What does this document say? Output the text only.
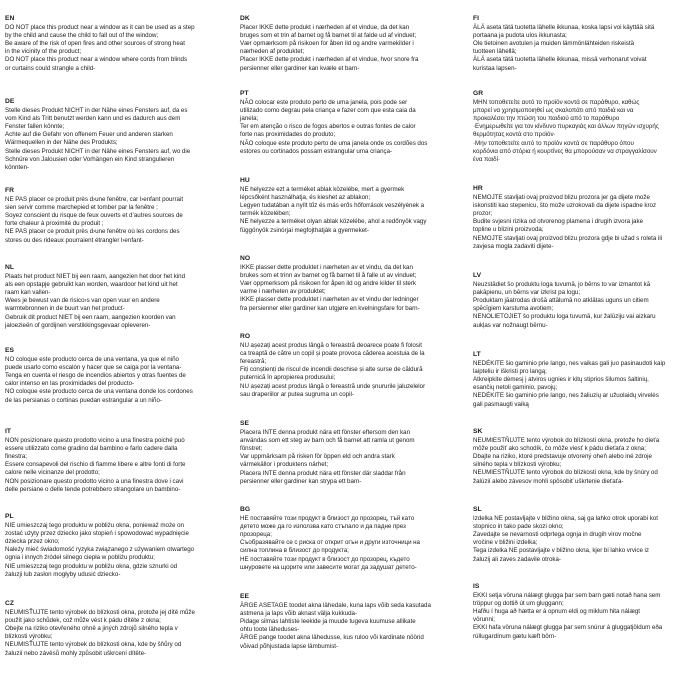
EN
DO NOT place this product near a window as it can be used as a step
by the child and cause the child to fall out of the window;
Be aware of the risk of open fires and other sources of strong heat
in the vicinity of the product;
DO NOT place this product near a window where cords from blinds
or curtains could strangle a child-
DE
Stelle dieses Produkt NICHT in der Nähe eines Fensters auf, da es
vom Kind als Tritt benutzt werden kann und es dadurch aus dem
Fenster fallen könnte;
Achte auf die Gefahr von offenem Feuer und anderen starken
Wärmequellen in der Nähe des Produkts;
Stelle dieses Produkt NICHT in der Nähe eines Fensters auf, wo die
Schnüre von Jalousien oder Vorhängen ein Kind strangulieren
könnten-
FR
NE PAS placer ce produit près d›une fenêtre, car l›enfant pourrait
sien servir comme marchepied et tomber par la fenêtre ;
Soyez conscient du risque de feux ouverts et d’autres sources de
forte chaleur à proximité du produit ;
NE PAS placer ce produit près d›une fenêtre où les cordons des
stores ou des rideaux pourraient étrangler l›enfant-
NL
Plaats het product NIET bij een raam, aangezien het door het kind
als een opstapje gebruikt kan worden, waardoor het kind uit het
raam kan vallen-
Wees je bewust van de risico›s van open vuur en andere
warmtebronnen in de buurt van het product-
Gebruik dit product NIET bij een raam, aangezien koorden van
jaloezieën of gordijnen verstikkingsgevaar opleveren-
ES
NO coloque este producto cerca de una ventana, ya que el niño
puede usarlo como escalón y hacer que se caiga por la ventana-
Tenga en cuenta el riesgo de incendios abiertos y otras fuentes de
calor intenso en las proximidades del producto-
NO coloque este producto cerca de una ventana donde los cordones
de las persianas o cortinas puedan estrangular a un niño-
IT
NON posizionare questo prodotto vicino a una finestra poiché può
essere utilizzato come gradino dal bambino e farlo cadere dalla
finestra;
Essere consapevoli del rischio di fiamme libere e altre fonti di forte
calore nelle vicinanze del prodotto;
NON posizionare questo prodotto vicino a una finestra dove i cavi
delle persiane o delle tende potrebbero strangolare un bambino-
PL
NIE umieszczaj tego produktu w pobliżu okna, ponieważ może on
zostać użyty przez dziecko jako stopień i spowodować wypadnięcie
dziecka przez okno;
Należy mieć świadomość ryzyka związanego z używaniem otwartego
ognia i innych źródeł silnego ciepła w pobliżu produktu;
NIE umieszczaj tego produktu w pobliżu okna, gdzie sznurki od
żaluzji lub zasłon mogłyby udusić dziecko-
CZ
NEUMISŤUJTE tento výrobek do blízkosti okna, protože jej dítě může
použít jako schůdek, což může vést k pádu dítěte z okna;
Obejte na riziko otevřeného ohně a jiných zdrojů silného tepla v
blízkosti výrobku;
NEUMISŤUJTE tento výrobek do blízkosti okna, kde by šňůry od
žaluzií nebo závěsů mohly způsobit uškrcení dítěte-
DK
Placer IKKE dette produkt i nærheden af et vindue, da det kan
bruges som et trin af barnet og få barnet til at falde ud af vinduet;
Vær opmærksom på risikoen for åben ild og andre varmekilder i
nærheden af produktet;
Placer IKKE dette produkt i nærheden af et vindue, hvor snore fra
persienner eller gardiner kan kvæle et barn-
PT
NÃO colocar este produto perto de uma janela, pois pode ser
utilizado como degrau pela criança e fazer com que esta caia da
janela;
Ter em atenção o risco de fogos abertos e outras fontes de calor
forte nas proximidades do produto;
NÃO coloque este produto perto de uma janela onde os cordões dos
estores ou cortinados possam estrangular uma criança-
HU
NE helyezze ezt a terméket ablak közelébe, mert a gyermek
lépcsőként használhatja, és kieshet az ablakon;
Legyen tudatában a nyílt tűz és más erős hőforrások veszélyének a
termék közelében;
NE helyezze a terméket olyan ablak közelébe, ahol a redőnyök vagy
függönyök zsinórjai megfojthatják a gyermeket-
NO
IKKE plasser dette produktet i nærheten av et vindu, da det kan
brukes som et trinn av barnet og få barnet til å falle ut av vinduet;
Vær oppmerksom på risikoen for åpen ild og andre kilder til sterk
varme i nærheten av produktet;
IKKE plasser dette produktet i nærheten av et vindu der ledninger
fra persienner eller gardiner kan utgjøre en kvelningsfare for barn-
RO
NU așezați acest produs lângă o fereastră deoarece poate fi folosit
ca treaptă de către un copil și poate provoca căderea acestuia de la
fereastră;
Fiți conștienți de riscul de incendii deschise și alte surse de căldură
puternică în apropierea produsului;
NU așezați acest produs lângă o fereastră unde șnururile jaluzelelor
sau draperiilor ar putea sugruma un copil-
SE
Placera INTE denna produkt nära ett fönster eftersom den kan
användas som ett steg av barn och få barnet att ramla ut genom
fönstret;
Var uppmärksam på risken för öppen eld och andra stark
värmekällor i produktens närhet;
Placera INTE denna produkt nära ett fönster där sladdar från
persienner eller gardiner kan strypa ett barn-
BG
НЕ поставяйте този продукт в близост до прозорец, тъй като
детето може да го използва като стъпало и да падне през
прозореца;
Съобразявайте се с риска от открит огън и други източници на
силна топлина в близост до продукта;
НЕ поставяйте този продукт в близост до прозорец, където
шнуровете на щорите или завесите могат да задушат детето-
EE
ÄRGE ASETAGE toodet akna lähedale, kuna laps võib seda kasutada
astmena ja laps võib aknast välja kukkuda-
Pidage silmas lahtiste leekide ja muude tugeva kuumuse allikate
ohtu toote läheduses-
ÄRGE pange toodet akna lähedusse, kus ruloo või kardinate nöörid
võivad põhjustada lapse lämbumist-
FI
ÄLÄ aseta tätä tuotetta lähelle ikkunaa, koska lapsi voi käyttää sitä
portaana ja pudota ulos ikkunasta;
Ole tietoinen avotulen ja muiden lämmönlähteiden riskeistä
tuotteen lähellä;
ÄLÄ aseta tätä tuotetta lähelle ikkunaa, missä verhonarut voivat
kuristaa lapsen-
GR
ΜΗΝ τοποθετείτε αυτό το προϊόν κοντά σε παράθυρο, καθώς
μπορεί να χρησιμοποιηθεί ως σκαλοπάτι από παιδιά και να
προκαλέσει την πτώση του παιδιού από το παράθυρο
·Ενημερωθείτε για τον κίνδυνο πυρκαγιάς και άλλων πηγών ισχυρής
θερμότητας κοντά στο προϊόν·
·Μην τοποθετείτε αυτό το προϊόν κοντά σε παράθυρο όπου
κορδόνια από στόρια ή κουρτίνες θα μπορούσαν να στραγγαλίσουν
ένα παιδί·
HR
NEMOJTE stavljati ovaj proizvod blizu prozora jer ga dijete može
iskoristiti kao stepenicu, što može uzrokovati da dijete ispadne kroz
prozor;
Budite svjesni rizika od otvorenog plamena i drugih izvora jake
topline u blizini proizvoda;
NEMOJTE stavljati ovaj proizvod blizu prozora gdje bi užad s roleta ili
zavjesa mogla zadaviti dijete-
LV
Neuzstādiet šo produktu loga tuvumā, jo bērns to var izmantot kā
pakāpienu, un bērns var izkrist pa logu;
Produktam jāatrodas drošā attālumā no atklātas uguns un citiem
spēcīgiem karstuma avotiem;
NENOLIETOJIET šo produktu loga tuvumā, kur žalūziju vai aizkaru
aukļas var nožnaugt bērnu-
LT
NEDĖKITE šio gaminio prie lango, nes vaikas gali juo pasinaudoti kaip
laipteliu ir iškristi pro langą;
Atkreipkite dėmesį į atviros ugnies ir kitų stiprios šilumos šaltinių,
esančių netoli gaminio, pavojų;
NEDĖKITE šio gaminio prie lango, nes žaliuzių ar užuolaidų virvelės
gali pasmaugti vaiką
SK
NEUMIESTŇUJTE tento výrobok do blízkosti okna, pretože ho dieťa
môže použiť ako schodík, čo môže viesť k pádu dieťaťa z okna;
Dbajte na riziko, ktoré predstavuje otvorený oheň alebo iné zdroje
silného tepla v blízkosti výrobku;
NEUMIESTŇUJTE tento výrobok do blízkosti okna, kde by šnúry od
žalúzií alebo závesov mohli spôsobiť uškrtenie dieťaťa-
SL
Izdelka NE postavljajte v bližino okna, saj ga lahko otrok uporabi kot
stopnico in tako pade skozi okno;
Zavedajte se nevarnosti odprtega ognja in drugih virov močne
vročine v bližini izdelka;
Tega izdelka NE postavljajte v bližino okna, kjer bi lahko vrvice iz
žaluzij ali zaves zadavile otroka-
IS
EKKI setja vöruna nálægt glugga þar sem barn gæti notað hana sem
tröppur og dottið út um gluggann;
Hafðu í huga að hætta er á opnum eldi og miklum hita nálægt
vörunni;
EKKI hafa vöruna nálægt glugga þar sem snúrur á gluggatjöldum eða
rúllugardínum gætu kæft börn-
